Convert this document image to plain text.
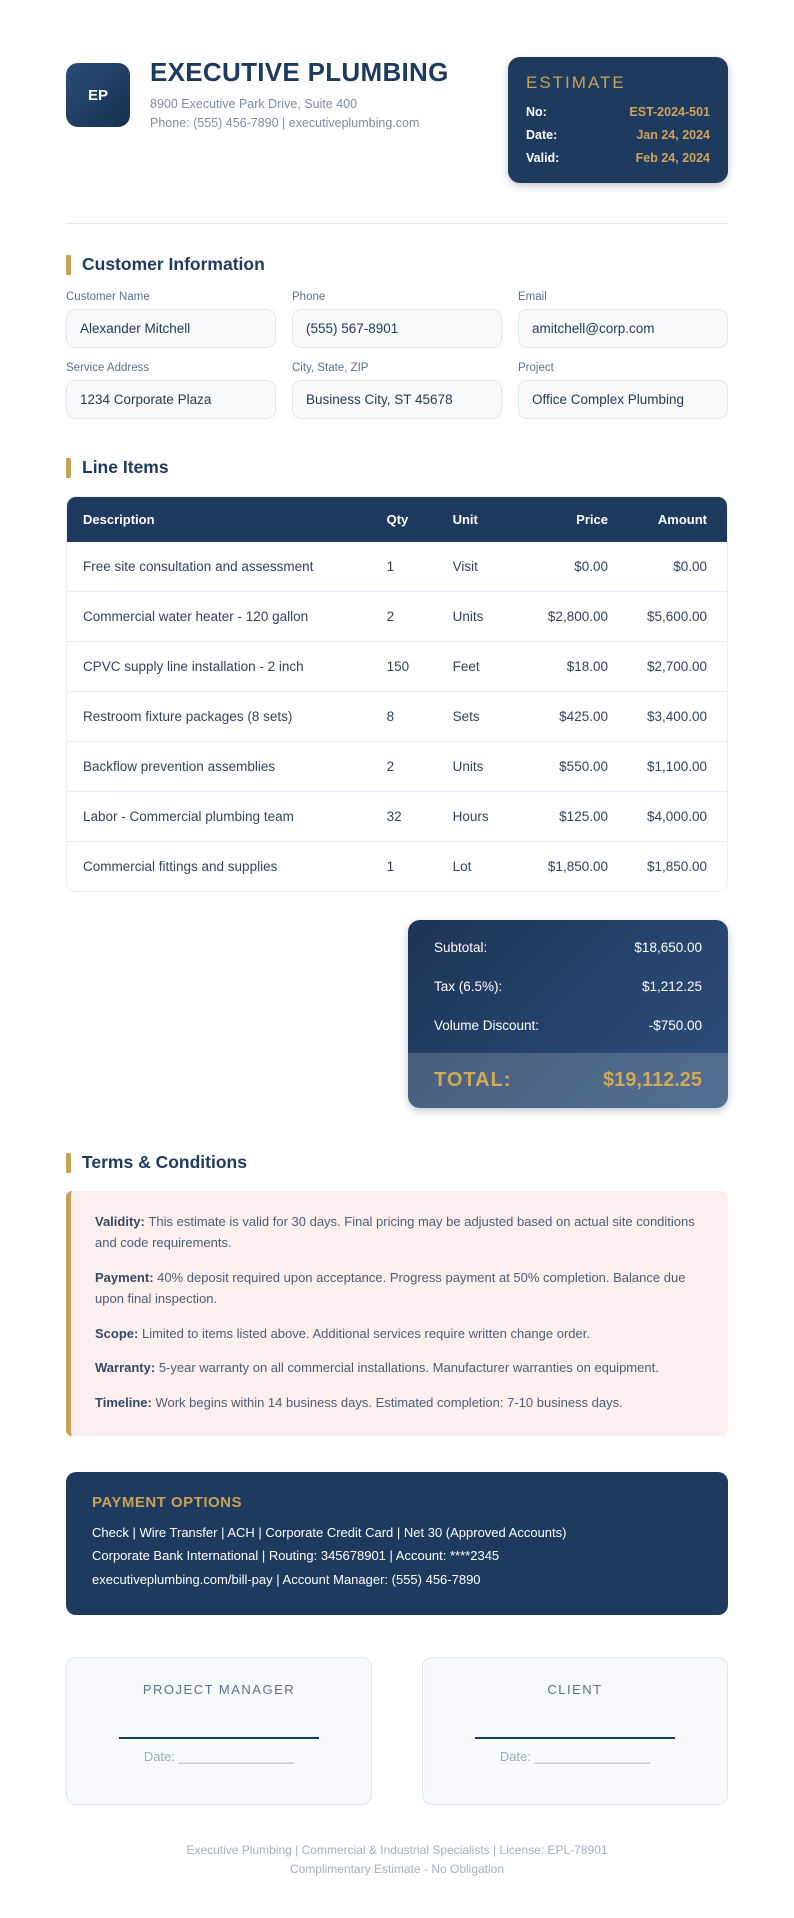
EP
EXECUTIVE PLUMBING
8900 Executive Park Drive, Suite 400
Phone: (555) 456-7890 | executiveplumbing.com
ESTIMATE
No:	EST-2024-501
Date:	Jan 24, 2024
Valid:	Feb 24, 2024
Customer Information
Customer Name
Alexander Mitchell
Phone
(555) 567-8901
Email
amitchell@corp.com
Service Address
1234 Corporate Plaza
City, State, ZIP
Business City, ST 45678
Project
Office Complex Plumbing
Line Items
Description	Qty	Unit	Price	Amount
Free site consultation and assessment	1	Visit	$0.00	$0.00
Commercial water heater - 120 gallon	2	Units	$2,800.00	$5,600.00
CPVC supply line installation - 2 inch	150	Feet	$18.00	$2,700.00
Restroom fixture packages (8 sets)	8	Sets	$425.00	$3,400.00
Backflow prevention assemblies	2	Units	$550.00	$1,100.00
Labor - Commercial plumbing team	32	Hours	$125.00	$4,000.00
Commercial fittings and supplies	1	Lot	$1,850.00	$1,850.00
Subtotal:	$18,650.00
Tax (6.5%):	$1,212.25
Volume Discount:	-$750.00
TOTAL:	$19,112.25
Terms & Conditions
Validity: This estimate is valid for 30 days. Final pricing may be adjusted based on actual site conditions and code requirements.
Payment: 40% deposit required upon acceptance. Progress payment at 50% completion. Balance due upon final inspection.
Scope: Limited to items listed above. Additional services require written change order.
Warranty: 5-year warranty on all commercial installations. Manufacturer warranties on equipment.
Timeline: Work begins within 14 business days. Estimated completion: 7-10 business days.
PAYMENT OPTIONS
Check | Wire Transfer | ACH | Corporate Credit Card | Net 30 (Approved Accounts)
Corporate Bank International | Routing: 345678901 | Account: ****2345
executiveplumbing.com/bill-pay | Account Manager: (555) 456-7890
PROJECT MANAGER
Date: ________________
CLIENT
Date: ________________
Executive Plumbing | Commercial & Industrial Specialists | License: EPL-78901
Complimentary Estimate - No Obligation
